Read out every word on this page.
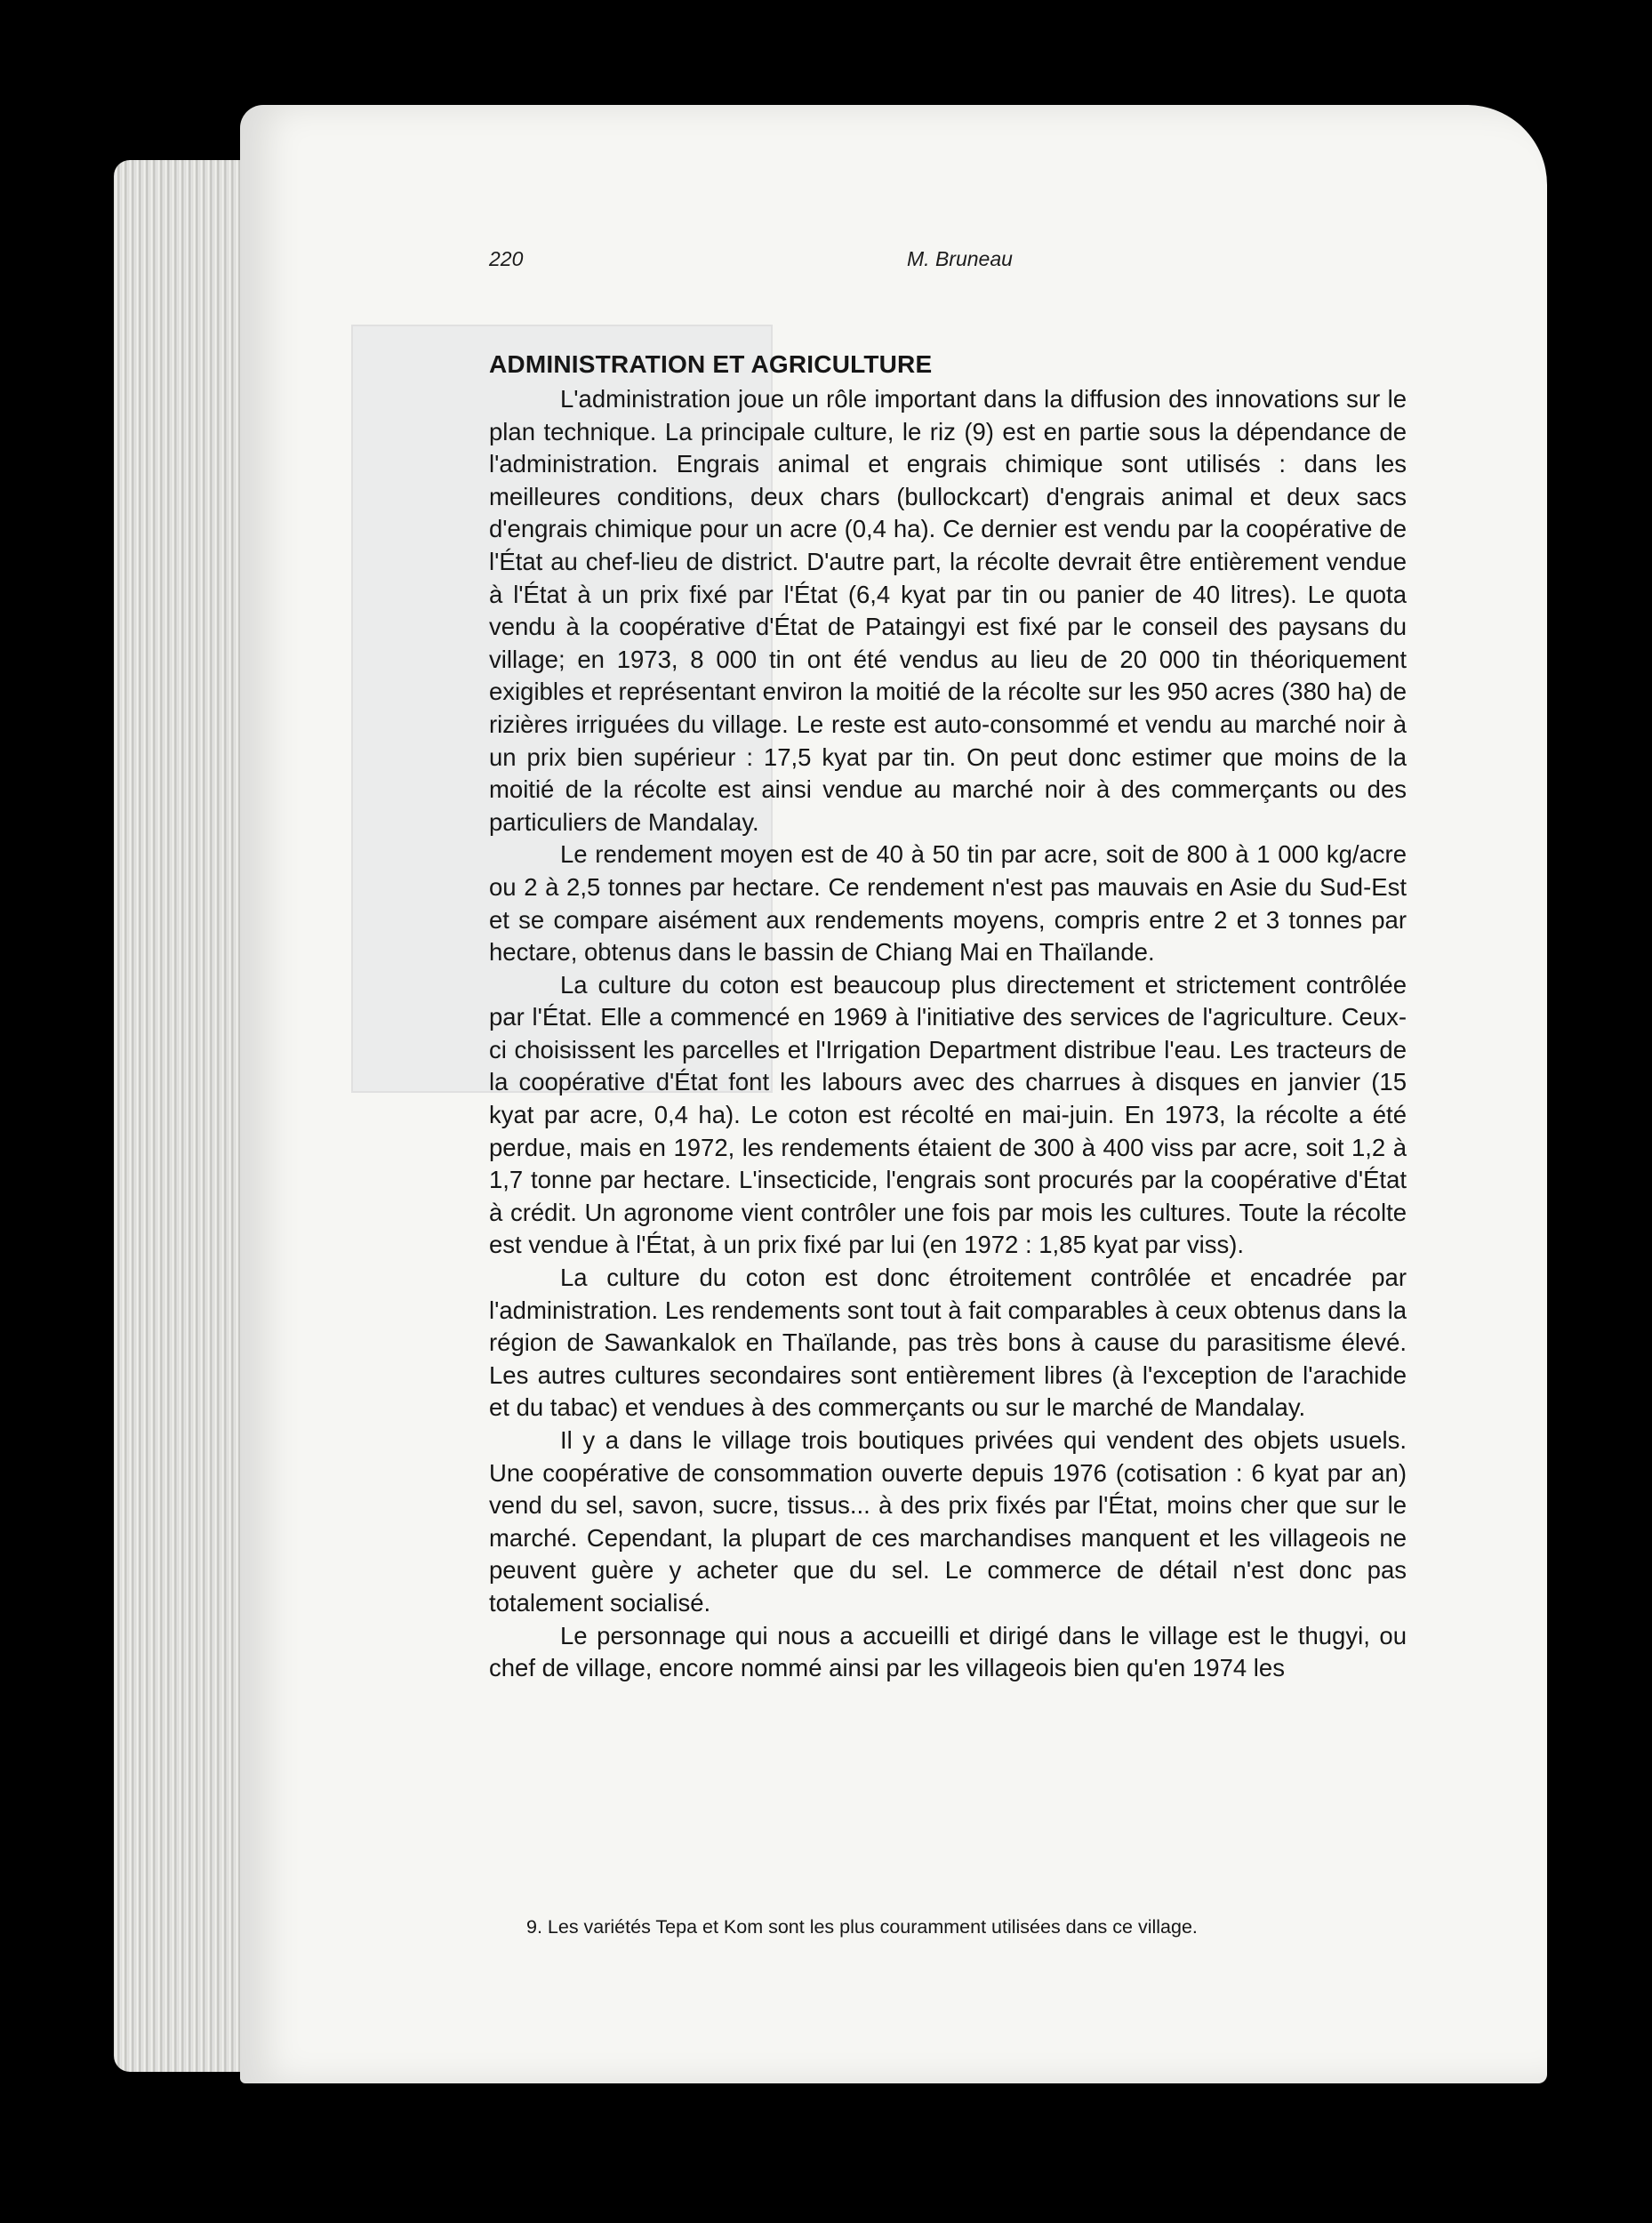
220	M. Bruneau
ADMINISTRATION ET AGRICULTURE

L'administration joue un rôle important dans la diffusion des innovations sur le plan technique. La principale culture, le riz (9) est en partie sous la dépendance de l'administration. Engrais animal et engrais chimique sont utilisés : dans les meilleures conditions, deux chars (bullockcart) d'engrais animal et deux sacs d'engrais chimique pour un acre (0,4 ha). Ce dernier est vendu par la coopérative de l'État au chef-lieu de district. D'autre part, la récolte devrait être entièrement vendue à l'État à un prix fixé par l'État (6,4 kyat par tin ou panier de 40 litres). Le quota vendu à la coopérative d'État de Pataingyi est fixé par le conseil des paysans du village; en 1973, 8 000 tin ont été vendus au lieu de 20 000 tin théoriquement exigibles et représentant environ la moitié de la récolte sur les 950 acres (380 ha) de rizières irriguées du village. Le reste est auto-consommé et vendu au marché noir à un prix bien supérieur : 17,5 kyat par tin. On peut donc estimer que moins de la moitié de la récolte est ainsi vendue au marché noir à des commerçants ou des particuliers de Mandalay.

Le rendement moyen est de 40 à 50 tin par acre, soit de 800 à 1 000 kg/acre ou 2 à 2,5 tonnes par hectare. Ce rendement n'est pas mauvais en Asie du Sud-Est et se compare aisément aux rendements moyens, compris entre 2 et 3 tonnes par hectare, obtenus dans le bassin de Chiang Mai en Thaïlande.

La culture du coton est beaucoup plus directement et strictement contrôlée par l'État. Elle a commencé en 1969 à l'initiative des services de l'agriculture. Ceux-ci choisissent les parcelles et l'Irrigation Department distribue l'eau. Les tracteurs de la coopérative d'État font les labours avec des charrues à disques en janvier (15 kyat par acre, 0,4 ha). Le coton est récolté en mai-juin. En 1973, la récolte a été perdue, mais en 1972, les rendements étaient de 300 à 400 viss par acre, soit 1,2 à 1,7 tonne par hectare. L'insecticide, l'engrais sont procurés par la coopérative d'État à crédit. Un agronome vient contrôler une fois par mois les cultures. Toute la récolte est vendue à l'État, à un prix fixé par lui (en 1972 : 1,85 kyat par viss).

La culture du coton est donc étroitement contrôlée et encadrée par l'administration. Les rendements sont tout à fait comparables à ceux obtenus dans la région de Sawankalok en Thaïlande, pas très bons à cause du parasitisme élevé. Les autres cultures secondaires sont entièrement libres (à l'exception de l'arachide et du tabac) et vendues à des commerçants ou sur le marché de Mandalay.

Il y a dans le village trois boutiques privées qui vendent des objets usuels. Une coopérative de consommation ouverte depuis 1976 (cotisation : 6 kyat par an) vend du sel, savon, sucre, tissus... à des prix fixés par l'État, moins cher que sur le marché. Cependant, la plupart de ces marchandises manquent et les villageois ne peuvent guère y acheter que du sel. Le commerce de détail n'est donc pas totalement socialisé.

Le personnage qui nous a accueilli et dirigé dans le village est le thugyi, ou chef de village, encore nommé ainsi par les villageois bien qu'en 1974 les

9. Les variétés Tepa et Kom sont les plus couramment utilisées dans ce village.
